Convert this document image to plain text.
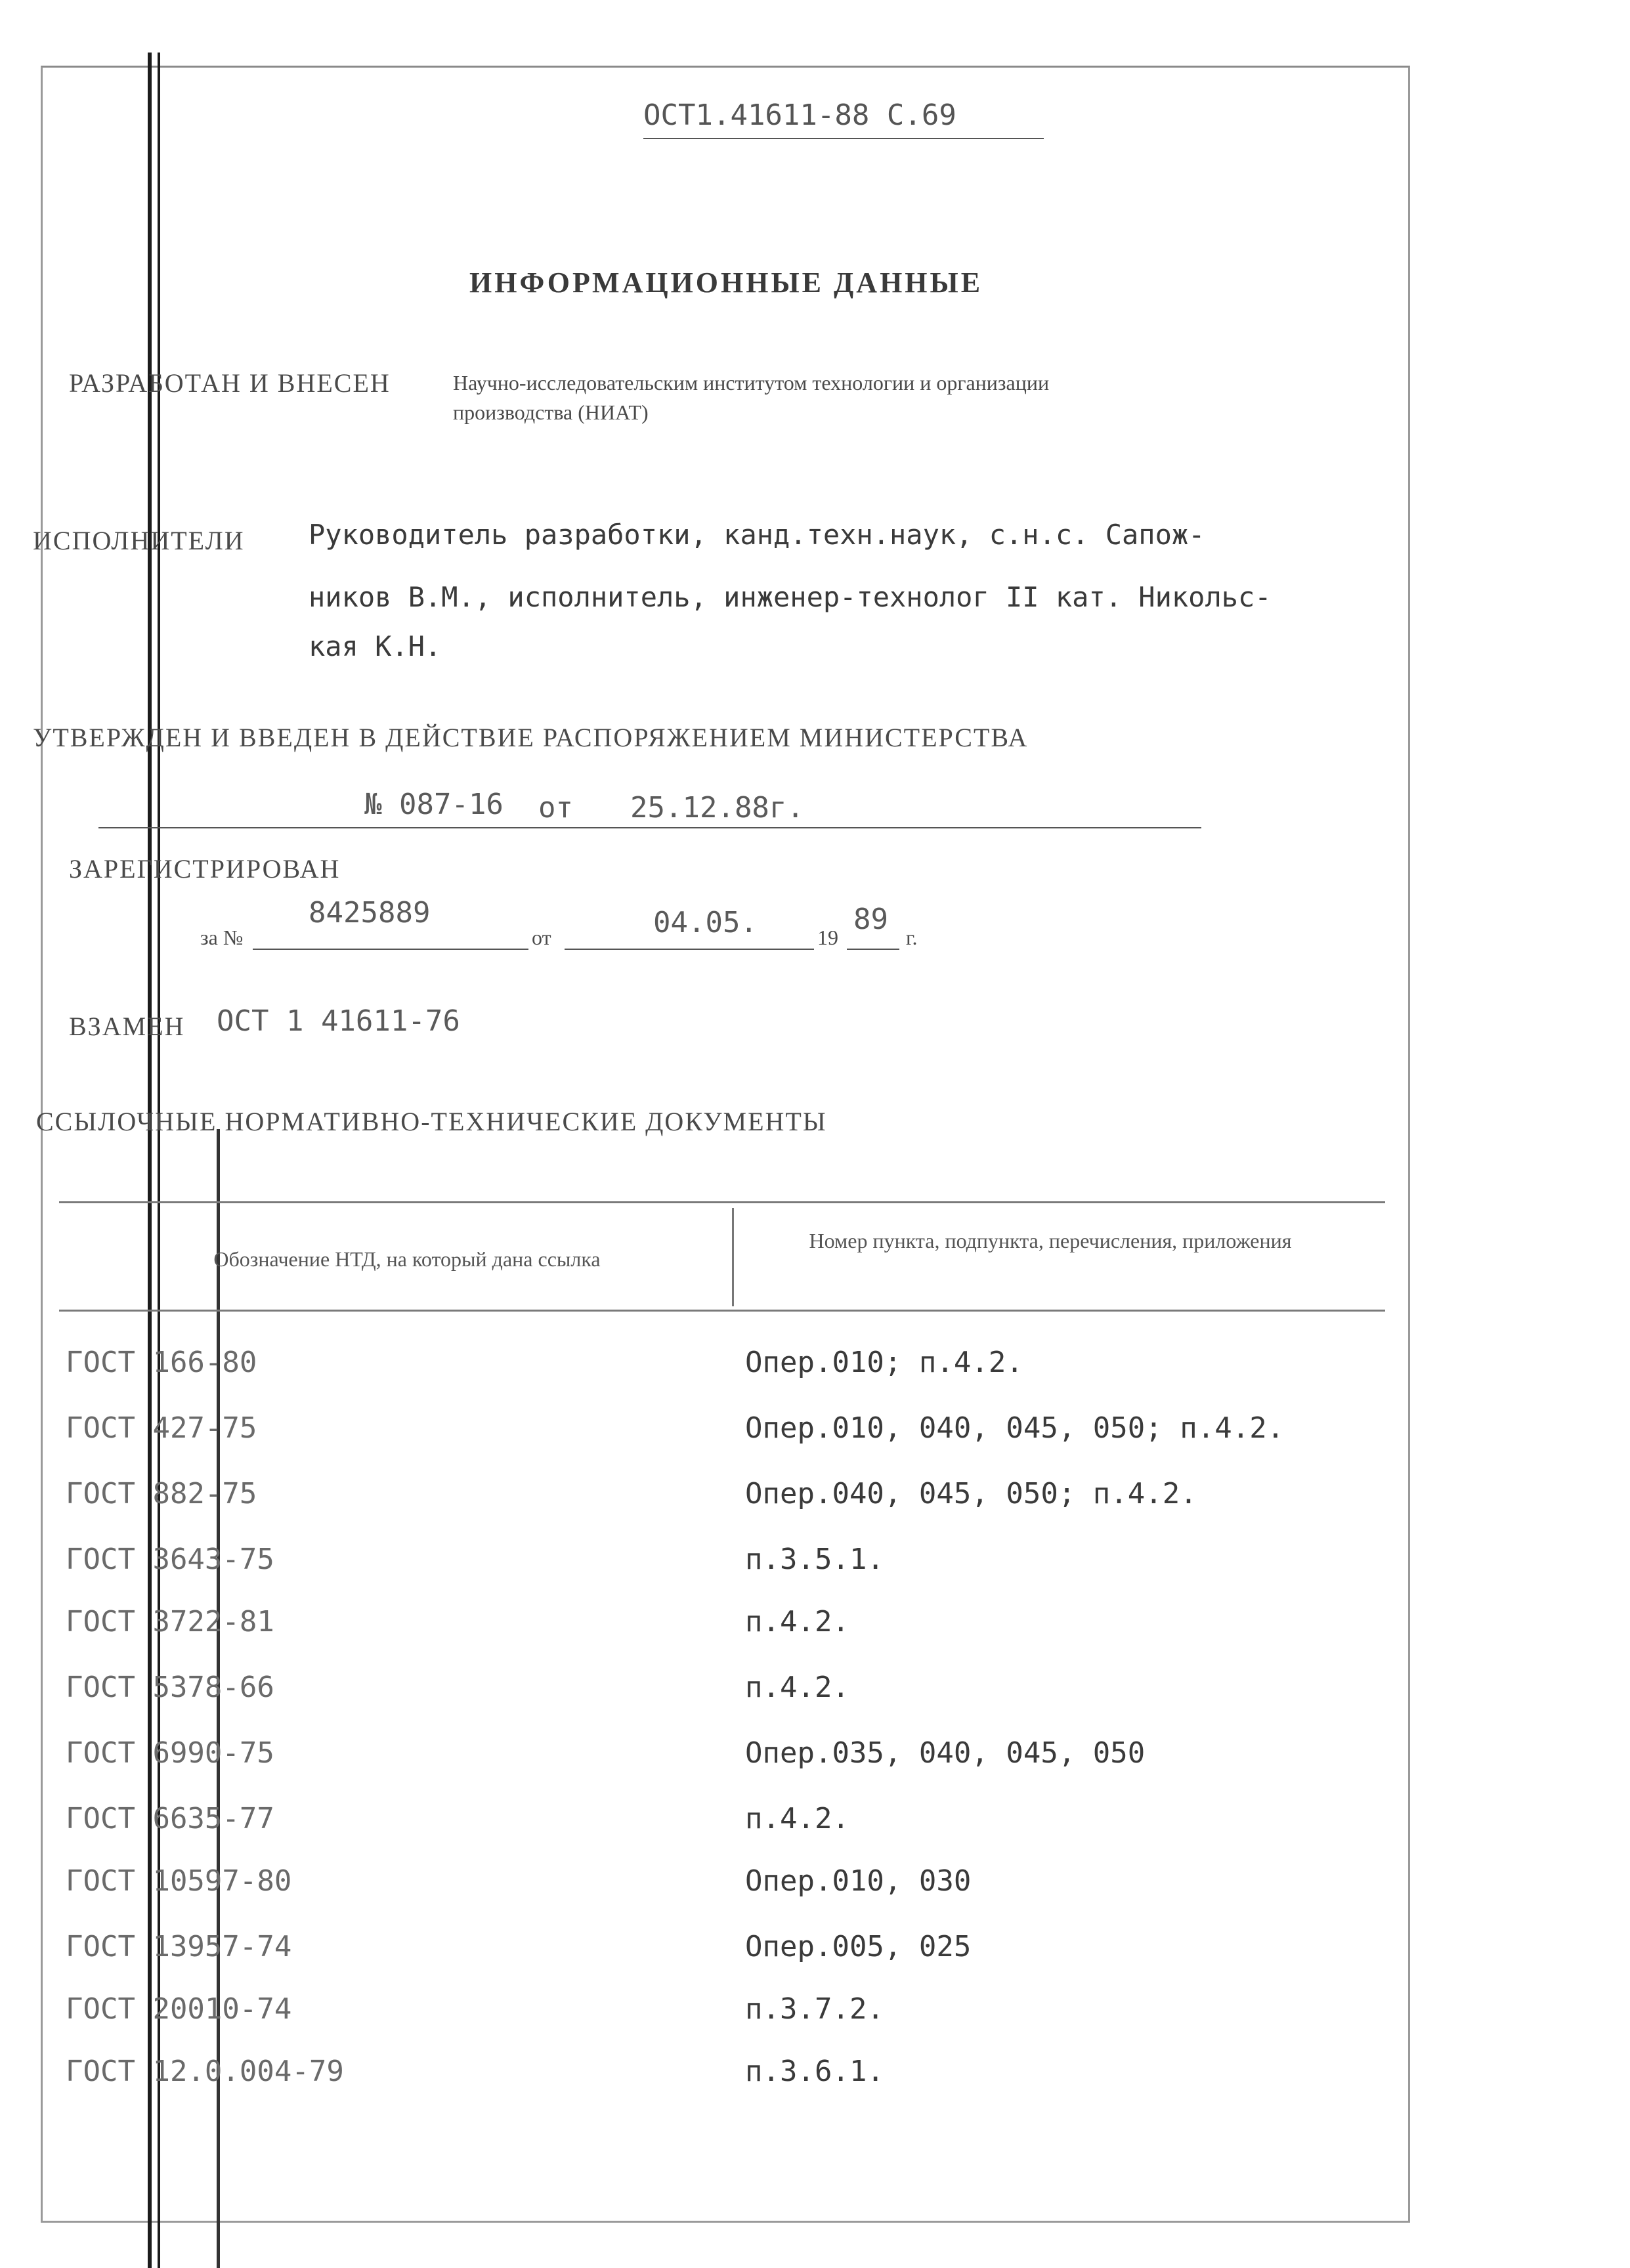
ОСТ1.41611-88 С.69
ИНФОРМАЦИОННЫЕ ДАННЫЕ
РАЗРАБОТАН И ВНЕСЕН	Научно-исследовательским институтом технологии и организации
производства (НИАТ)
ИСПОЛНИТЕЛИ Руководитель разработки, канд.техн.наук, с.н.с. Сапож-
ников В.М., исполнитель, инженер-технолог II кат. Никольс-
кая К.Н.
УТВЕРЖДЕН И ВВЕДЕН В ДЕЙСТВИЕ РАСПОРЯЖЕНИЕМ МИНИСТЕРСТВА
№ 087-16 от 25.12.88г.
ЗАРЕГИСТРИРОВАН
за №
8425889
от	04.05.	19
89
г.
ВЗАМЕН ОСТ 1 41611-76
ССЫЛОЧНЫЕ НОРМАТИВНО-ТЕХНИЧЕСКИЕ ДОКУМЕНТЫ
Обозначение НТД, на который дана ссылка
Номер пункта, подпункта, перечисления, приложения
ГОСТ 166-80	Опер.010; п.4.2.
ГОСТ 427-75	Опер.010, 040, 045, 050; п.4.2.
ГОСТ 882-75	Опер.040, 045, 050; п.4.2.
ГОСТ 3643-75	п.3.5.1.
ГОСТ 3722-81	п.4.2.
ГОСТ 5378-66	п.4.2.
ГОСТ 6990-75	Опер.035, 040, 045, 050
ГОСТ 6635-77	п.4.2.
ГОСТ 10597-80	Опер.010, 030
ГОСТ 13957-74	Опер.005, 025
ГОСТ 20010-74	п.3.7.2.
ГОСТ 12.0.004-79	п.3.6.1.
